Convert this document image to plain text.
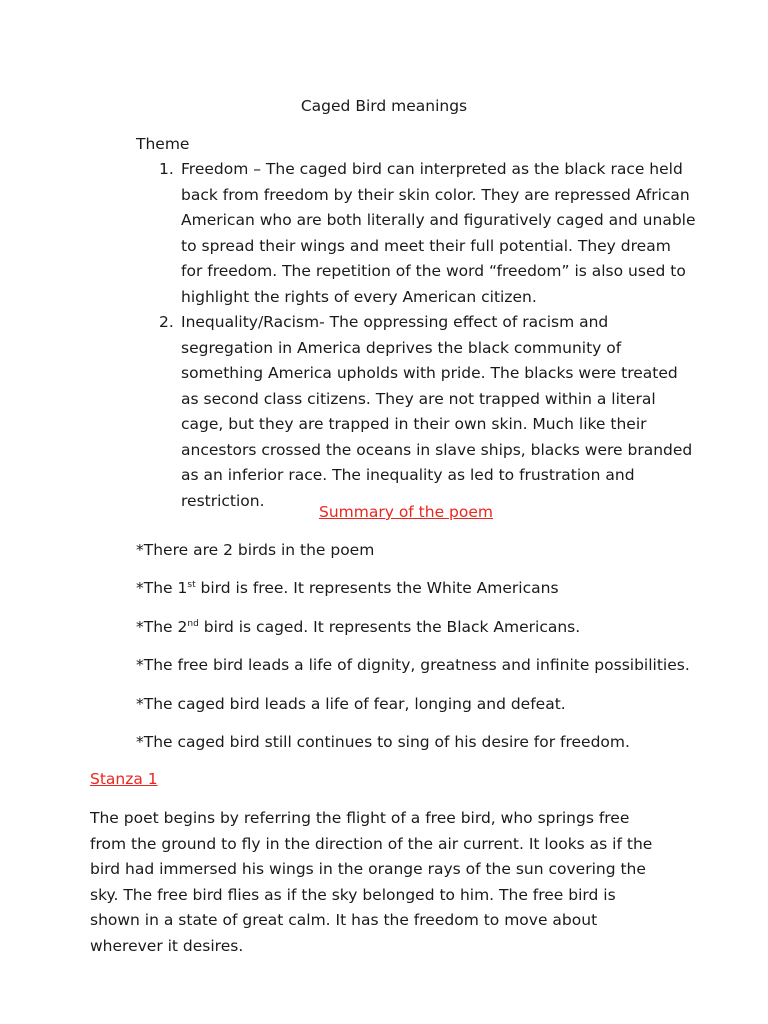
Caged Bird meanings
Theme
1. Freedom – The caged bird can interpreted as the black race held back from freedom by their skin color. They are repressed African American who are both literally and figuratively caged and unable to spread their wings and meet their full potential. They dream for freedom. The repetition of the word “freedom” is also used to highlight the rights of every American citizen.
2. Inequality/Racism- The oppressing effect of racism and segregation in America deprives the black community of something America upholds with pride. The blacks were treated as second class citizens. They are not trapped within a literal cage, but they are trapped in their own skin. Much like their ancestors crossed the oceans in slave ships, blacks were branded as an inferior race. The inequality as led to frustration and restriction.
Summary of the poem
*There are 2 birds in the poem
*The 1st bird is free. It represents the White Americans
*The 2nd bird is caged. It represents the Black Americans.
*The free bird leads a life of dignity, greatness and infinite possibilities.
*The caged bird leads a life of fear, longing and defeat.
*The caged bird still continues to sing of his desire for freedom.
Stanza 1

The poet begins by referring the flight of a free bird, who springs free from the ground to fly in the direction of the air current. It looks as if the bird had immersed his wings in the orange rays of the sun covering the sky. The free bird flies as if the sky belonged to him. The free bird is shown in a state of great calm. It has the freedom to move about wherever it desires.
